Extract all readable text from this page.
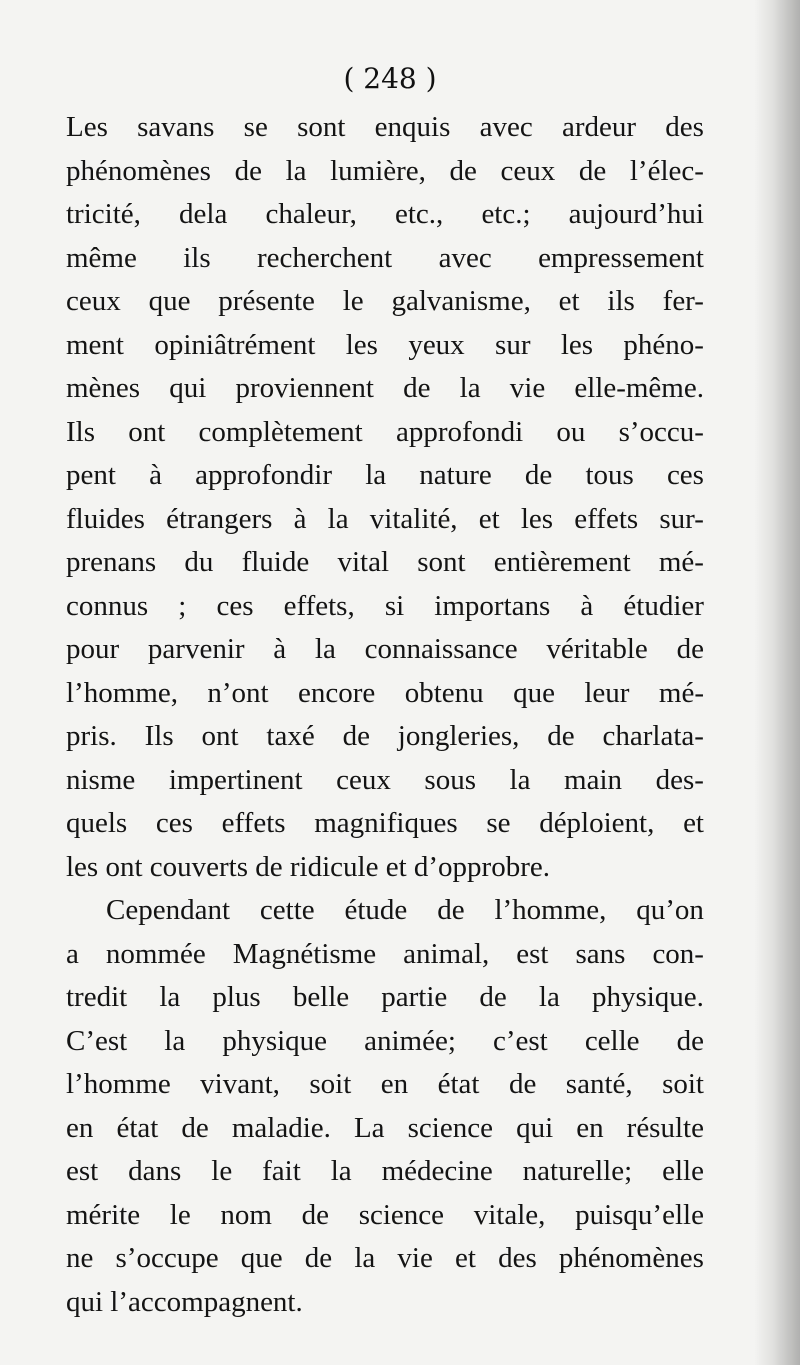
( 248 )
Les savans se sont enquis avec ardeur des
phénomènes de la lumière, de ceux de l’élec-
tricité, dela chaleur, etc., etc.; aujourd’hui
même ils recherchent avec empressement
ceux que présente le galvanisme, et ils fer-
ment opiniâtrément les yeux sur les phéno-
mènes qui proviennent de la vie elle-même.
Ils ont complètement approfondi ou s’occu-
pent à approfondir la nature de tous ces
fluides étrangers à la vitalité, et les effets sur-
prenans du fluide vital sont entièrement mé-
connus ; ces effets, si importans à étudier
pour parvenir à la connaissance véritable de
l’homme, n’ont encore obtenu que leur mé-
pris. Ils ont taxé de jongleries, de charlata-
nisme impertinent ceux sous la main des-
quels ces effets magnifiques se déploient, et
les ont couverts de ridicule et d’opprobre.
Cependant cette étude de l’homme, qu’on
a nommée Magnétisme animal, est sans con-
tredit la plus belle partie de la physique.
C’est la physique animée; c’est celle de
l’homme vivant, soit en état de santé, soit
en état de maladie. La science qui en résulte
est dans le fait la médecine naturelle; elle
mérite le nom de science vitale, puisqu’elle
ne s’occupe que de la vie et des phénomènes
qui l’accompagnent.
